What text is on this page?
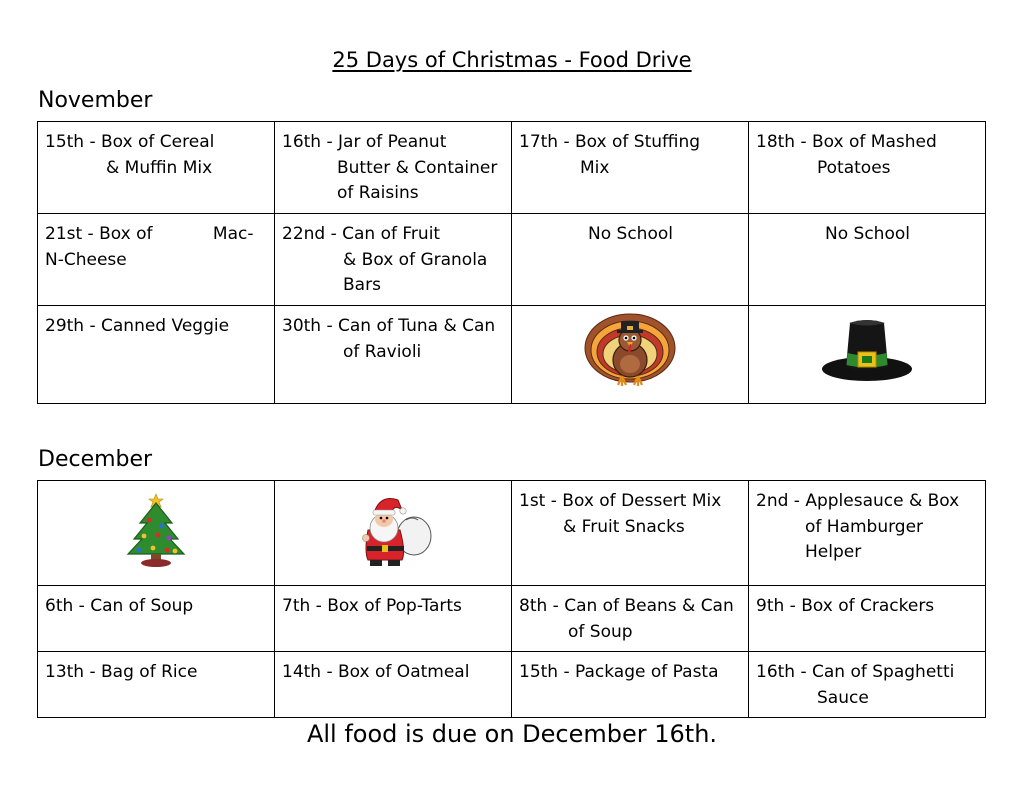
25 Days of Christmas - Food Drive
November
15th - Box of Cereal & Muffin Mix	16th - Jar of Peanut Butter & Container of Raisins	17th - Box of Stuffing Mix	18th - Box of Mashed Potatoes
21st - Box of Mac-N-Cheese	22nd - Can of Fruit & Box of Granola Bars	No School	No School
29th - Canned Veggie	30th - Can of Tuna & Can of Ravioli		
December
		1st - Box of Dessert Mix & Fruit Snacks	2nd - Applesauce & Box of Hamburger Helper
6th - Can of Soup	7th - Box of Pop-Tarts	8th - Can of Beans & Can of Soup	9th - Box of Crackers
13th - Bag of Rice	14th - Box of Oatmeal	15th - Package of Pasta	16th - Can of Spaghetti Sauce
All food is due on December 16th.
